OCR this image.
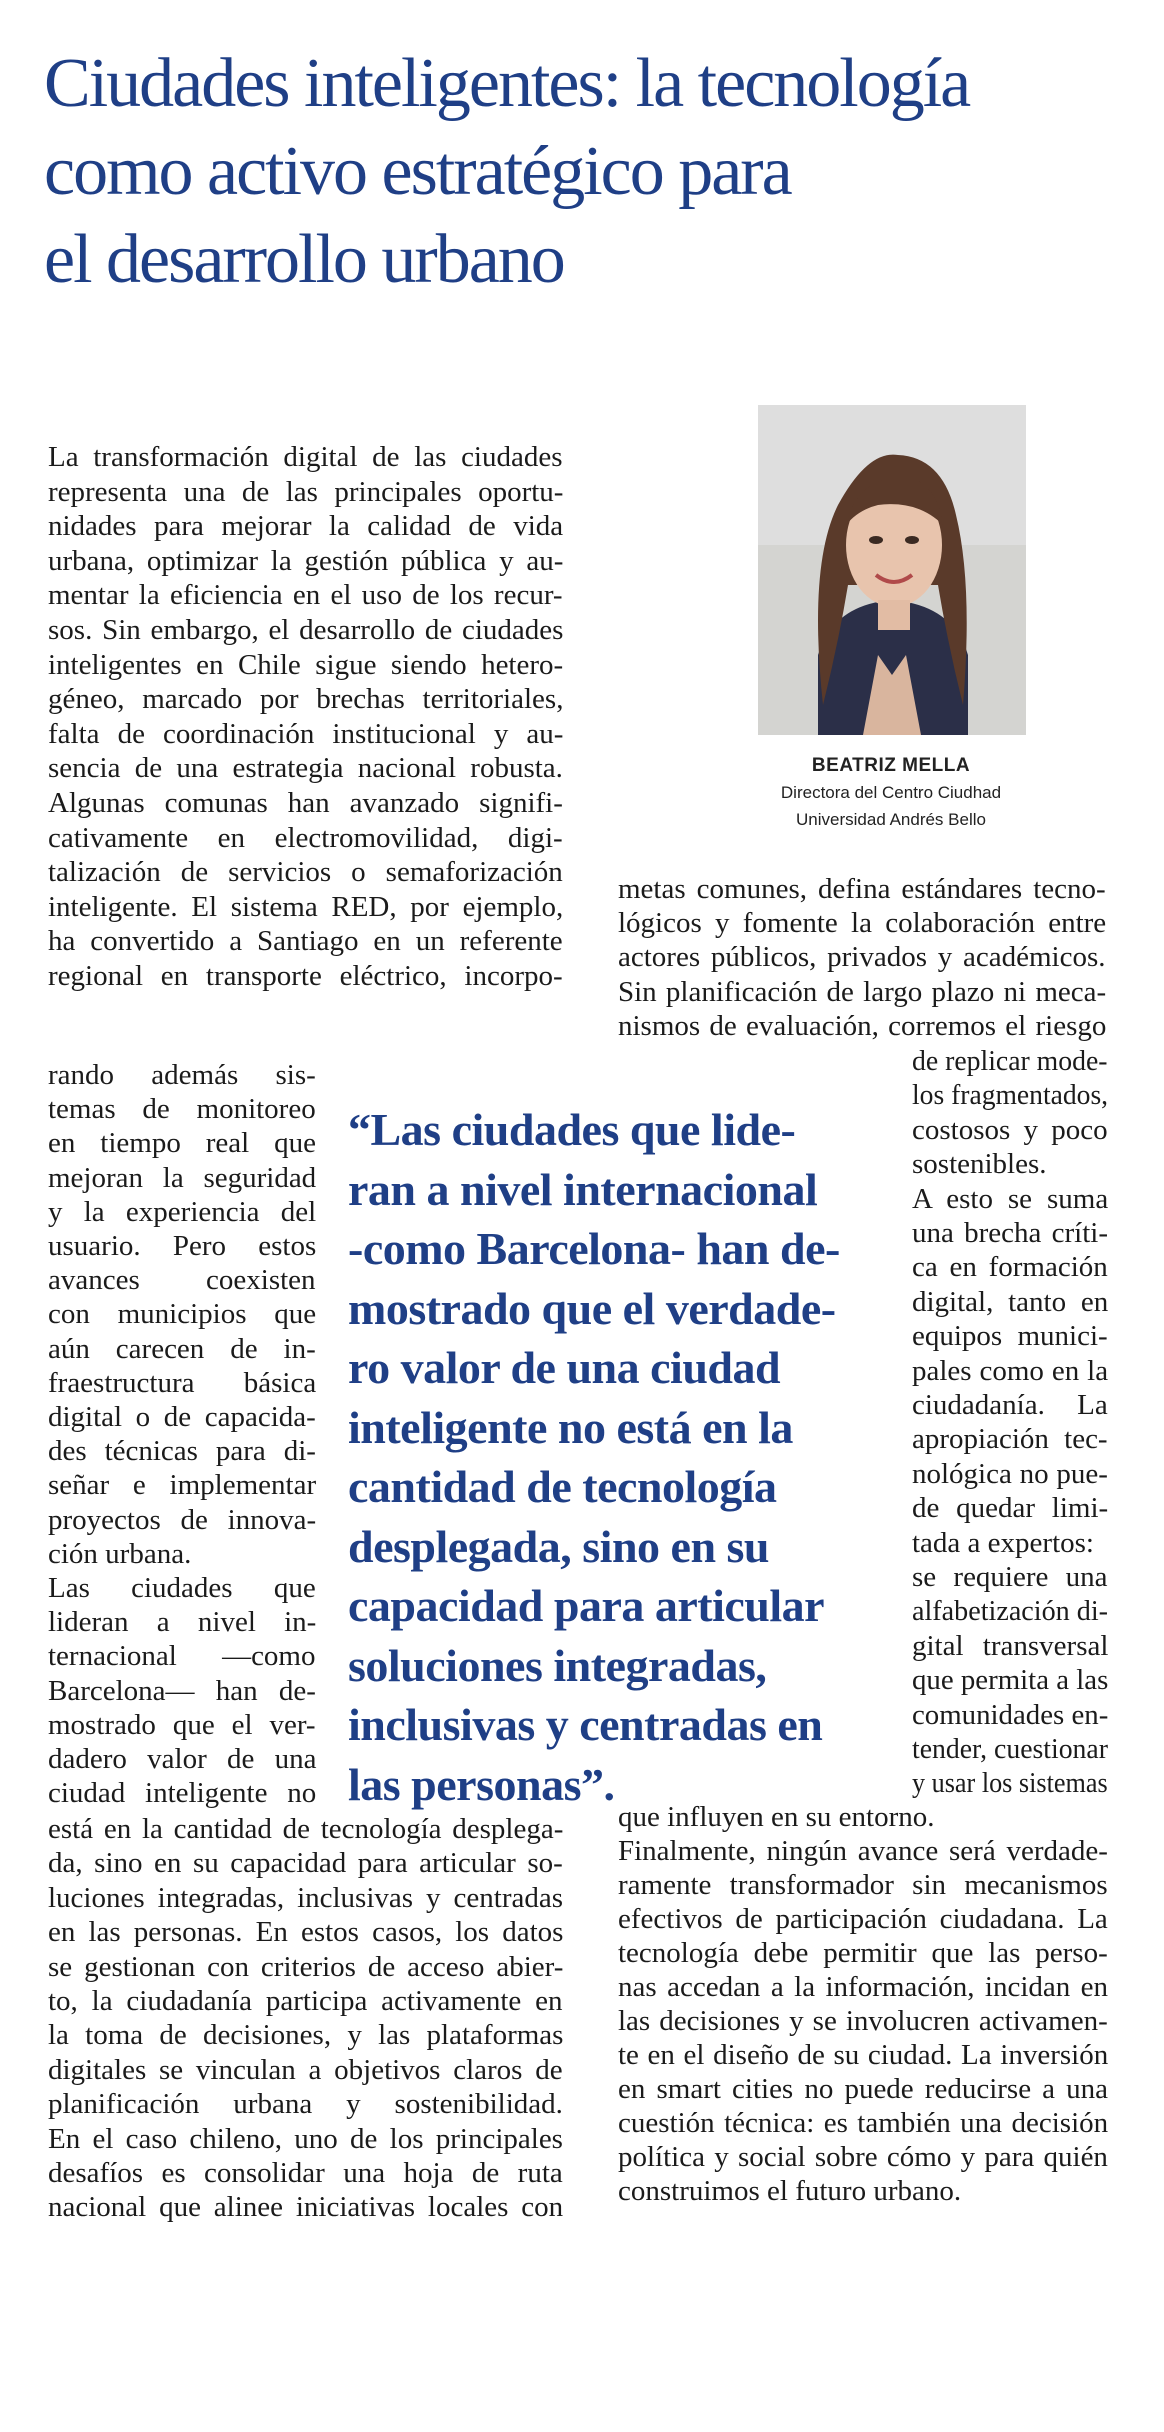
Ciudades inteligentes: la tecnología como activo estratégico para el desarrollo urbano
La transformación digital de las ciudades
representa una de las principales oportu-
nidades para mejorar la calidad de vida
urbana, optimizar la gestión pública y au-
mentar la eficiencia en el uso de los recur-
sos. Sin embargo, el desarrollo de ciudades
inteligentes en Chile sigue siendo hetero-
géneo, marcado por brechas territoriales,
falta de coordinación institucional y au-
sencia de una estrategia nacional robusta.
Algunas comunas han avanzado signifi-
cativamente en electromovilidad, digi-
talización de servicios o semaforización
inteligente. El sistema RED, por ejemplo,
ha convertido a Santiago en un referente
regional en transporte eléctrico, incorpo-
rando además sis-
temas de monitoreo
en tiempo real que
mejoran la seguridad
y la experiencia del
usuario. Pero estos
avances coexisten
con municipios que
aún carecen de in-
fraestructura básica
digital o de capacida-
des técnicas para di-
señar e implementar
proyectos de innova-
ción urbana.
Las ciudades que
lideran a nivel in-
ternacional —como
Barcelona— han de-
mostrado que el ver-
dadero valor de una
ciudad inteligente no
está en la cantidad de tecnología desplega-
da, sino en su capacidad para articular so-
luciones integradas, inclusivas y centradas
en las personas. En estos casos, los datos
se gestionan con criterios de acceso abier-
to, la ciudadanía participa activamente en
la toma de decisiones, y las plataformas
digitales se vinculan a objetivos claros de
planificación urbana y sostenibilidad.
En el caso chileno, uno de los principales
desafíos es consolidar una hoja de ruta
nacional que alinee iniciativas locales con
metas comunes, defina estándares tecno-
lógicos y fomente la colaboración entre
actores públicos, privados y académicos.
Sin planificación de largo plazo ni meca-
nismos de evaluación, corremos el riesgo
de replicar mode-
los fragmentados,
costosos y poco
sostenibles.
A esto se suma
una brecha críti-
ca en formación
digital, tanto en
equipos munici-
pales como en la
ciudadanía. La
apropiación tec-
nológica no pue-
de quedar limi-
tada a expertos:
se requiere una
alfabetización di-
gital transversal
que permita a las
comunidades en-
tender, cuestionar
y usar los sistemas
que influyen en su entorno.
Finalmente, ningún avance será verdade-
ramente transformador sin mecanismos
efectivos de participación ciudadana. La
tecnología debe permitir que las perso-
nas accedan a la información, incidan en
las decisiones y se involucren activamen-
te en el diseño de su ciudad. La inversión
en smart cities no puede reducirse a una
cuestión técnica: es también una decisión
política y social sobre cómo y para quién
construimos el futuro urbano.
BEATRIZ MELLA
Directora del Centro Ciudhad
Universidad Andrés Bello
“Las ciudades que lide-
ran a nivel internacional
-como Barcelona- han de-
mostrado que el verdade-
ro valor de una ciudad
inteligente no está en la
cantidad de tecnología
desplegada, sino en su
capacidad para articular
soluciones integradas,
inclusivas y centradas en
las personas”.
